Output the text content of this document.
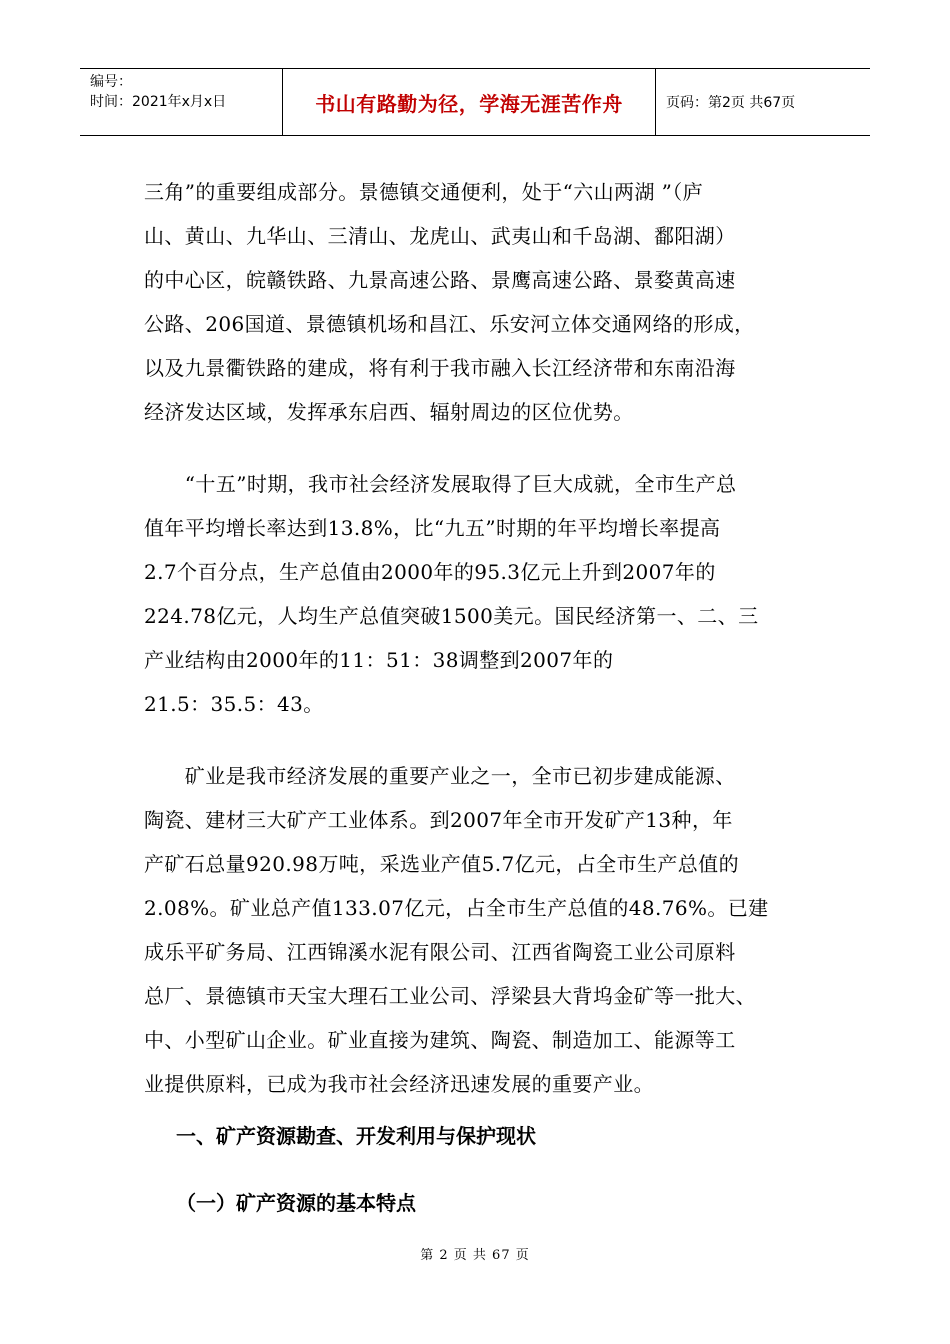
编号：
时间：2021年x月x日	书山有路勤为径，学海无涯苦作舟	页码：第2页 共67页

三角”的重要组成部分。景德镇交通便利，处于“六山两湖 ”（庐

山、黄山、九华山、三清山、龙虎山、武夷山和千岛湖、鄱阳湖）

的中心区，皖赣铁路、九景高速公路、景鹰高速公路、景婺黄高速

公路、206国道、景德镇机场和昌江、乐安河立体交通网络的形成，

以及九景衢铁路的建成，将有利于我市融入长江经济带和东南沿海

经济发达区域，发挥承东启西、辐射周边的区位优势。

　　“十五”时期，我市社会经济发展取得了巨大成就，全市生产总

值年平均增长率达到13.8%，比“九五”时期的年平均增长率提高

2.7个百分点，生产总值由2000年的95.3亿元上升到2007年的

224.78亿元，人均生产总值突破1500美元。国民经济第一、二、三

产业结构由2000年的11：51：38调整到2007年的

21.5：35.5：43。

　　矿业是我市经济发展的重要产业之一，全市已初步建成能源、

陶瓷、建材三大矿产工业体系。到2007年全市开发矿产13种，年

产矿石总量920.98万吨，采选业产值5.7亿元，占全市生产总值的

2.08%。矿业总产值133.07亿元，占全市生产总值的48.76%。已建

成乐平矿务局、江西锦溪水泥有限公司、江西省陶瓷工业公司原料

总厂、景德镇市天宝大理石工业公司、浮梁县大背坞金矿等一批大、

中、小型矿山企业。矿业直接为建筑、陶瓷、制造加工、能源等工

业提供原料，已成为我市社会经济迅速发展的重要产业。

一、矿产资源勘查、开发利用与保护现状
（一）矿产资源的基本特点
第 2 页 共 67 页
